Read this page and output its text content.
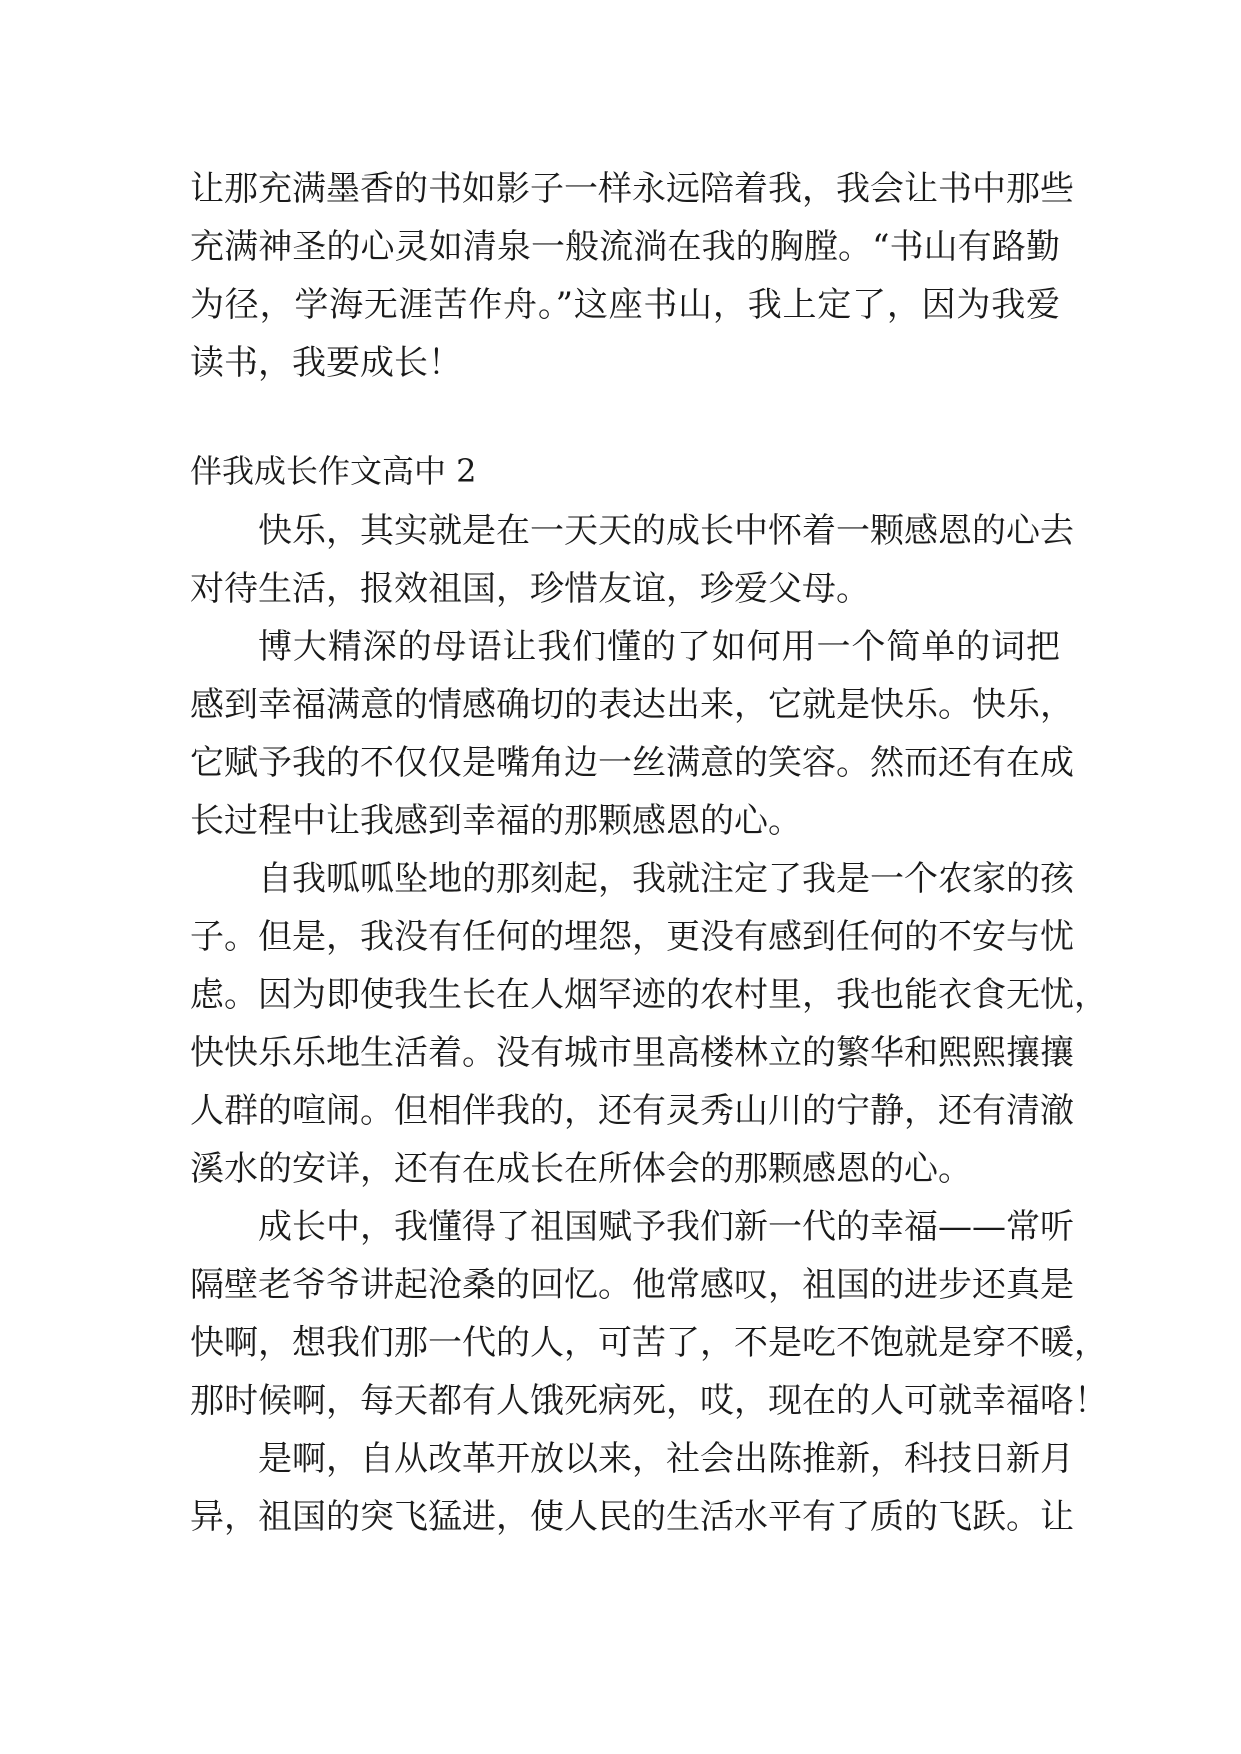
让那充满墨香的书如影子一样永远陪着我，我会让书中那些
充满神圣的心灵如清泉一般流淌在我的胸膛。“书山有路勤
为径，学海无涯苦作舟。”这座书山，我上定了，因为我爱
读书，我要成长！
伴我成长作文高中 2
快乐，其实就是在一天天的成长中怀着一颗感恩的心去
对待生活，报效祖国，珍惜友谊，珍爱父母。
博大精深的母语让我们懂的了如何用一个简单的词把
感到幸福满意的情感确切的表达出来，它就是快乐。快乐，
它赋予我的不仅仅是嘴角边一丝满意的笑容。然而还有在成
长过程中让我感到幸福的那颗感恩的心。
自我呱呱坠地的那刻起，我就注定了我是一个农家的孩
子。但是，我没有任何的埋怨，更没有感到任何的不安与忧
虑。因为即使我生长在人烟罕迹的农村里，我也能衣食无忧，
快快乐乐地生活着。没有城市里高楼林立的繁华和熙熙攘攘
人群的喧闹。但相伴我的，还有灵秀山川的宁静，还有清澈
溪水的安详，还有在成长在所体会的那颗感恩的心。
成长中，我懂得了祖国赋予我们新一代的幸福——常听
隔壁老爷爷讲起沧桑的回忆。他常感叹，祖国的进步还真是
快啊，想我们那一代的人，可苦了，不是吃不饱就是穿不暖，
那时候啊，每天都有人饿死病死，哎，现在的人可就幸福咯！
是啊，自从改革开放以来，社会出陈推新，科技日新月
异，祖国的突飞猛进，使人民的生活水平有了质的飞跃。让
